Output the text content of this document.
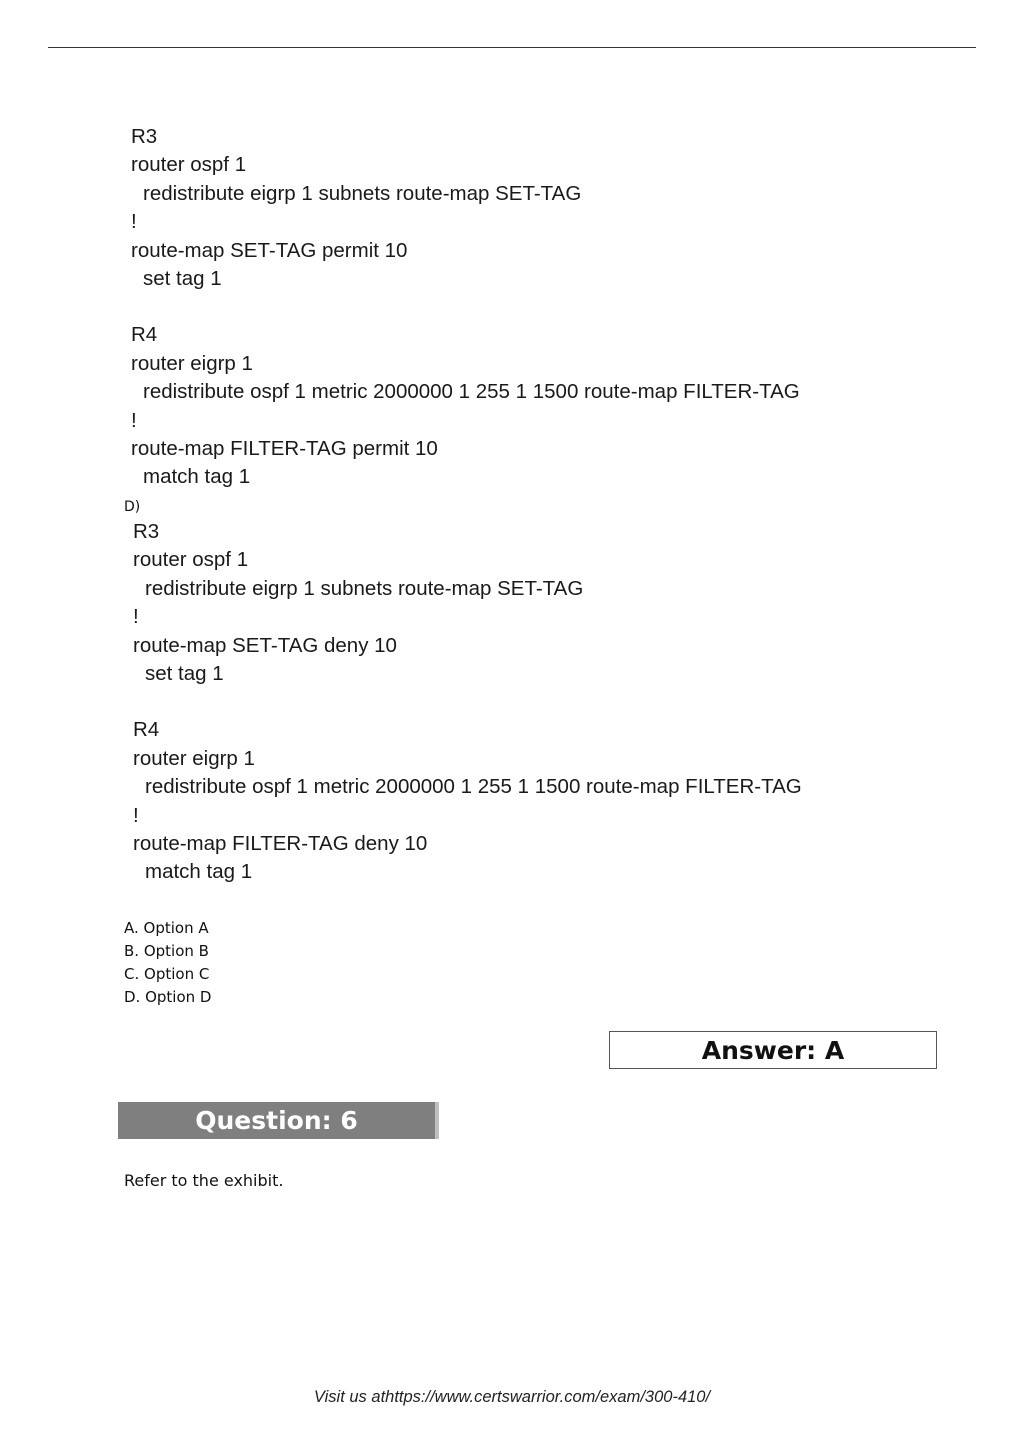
R3
router ospf 1
redistribute eigrp 1 subnets route-map SET-TAG
!
route-map SET-TAG permit 10
set tag 1
R4
router eigrp 1
redistribute ospf 1 metric 2000000 1 255 1 1500 route-map FILTER-TAG
!
route-map FILTER-TAG permit 10
match tag 1
D)
R3
router ospf 1
redistribute eigrp 1 subnets route-map SET-TAG
!
route-map SET-TAG deny 10
set tag 1
R4
router eigrp 1
redistribute ospf 1 metric 2000000 1 255 1 1500 route-map FILTER-TAG
!
route-map FILTER-TAG deny 10
match tag 1
A. Option A
B. Option B
C. Option C
D. Option D
Answer: A
Question: 6
Refer to the exhibit.
Visit us athttps://www.certswarrior.com/exam/300-410/
